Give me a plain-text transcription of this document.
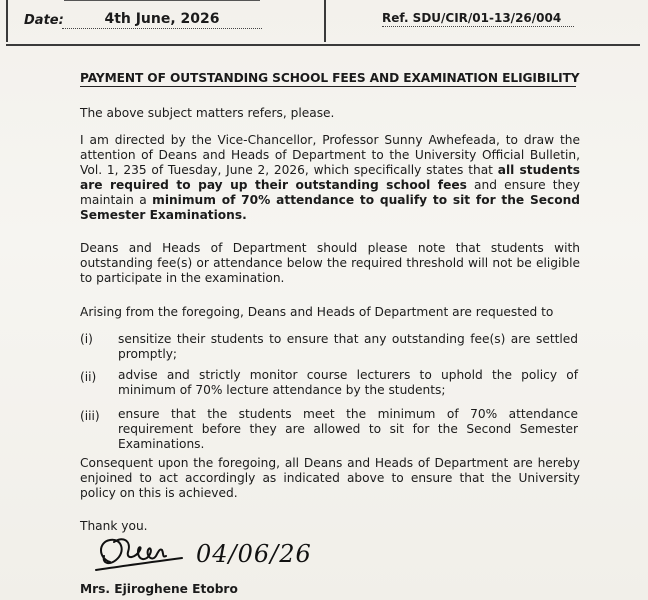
Date:	4th June, 2026	Ref. SDU/CIR/01-13/26/004
PAYMENT OF OUTSTANDING SCHOOL FEES AND EXAMINATION ELIGIBILITY
The above subject matters refers, please.
I am directed by the Vice-Chancellor, Professor Sunny Awhefeada, to draw the attention of Deans and Heads of Department to the University Official Bulletin, Vol. 1, 235 of Tuesday, June 2, 2026, which specifically states that all students are required to pay up their outstanding school fees and ensure they maintain a minimum of 70% attendance to qualify to sit for the Second Semester Examinations.
Deans and Heads of Department should please note that students with outstanding fee(s) or attendance below the required threshold will not be eligible to participate in the examination.
Arising from the foregoing, Deans and Heads of Department are requested to
(i) sensitize their students to ensure that any outstanding fee(s) are settled promptly;
(ii) advise and strictly monitor course lecturers to uphold the policy of minimum of 70% lecture attendance by the students;
(iii) ensure that the students meet the minimum of 70% attendance requirement before they are allowed to sit for the Second Semester Examinations.
Consequent upon the foregoing, all Deans and Heads of Department are hereby enjoined to act accordingly as indicated above to ensure that the University policy on this is achieved.
Thank you.
04/06/26
Mrs. Ejiroghene Etobro
